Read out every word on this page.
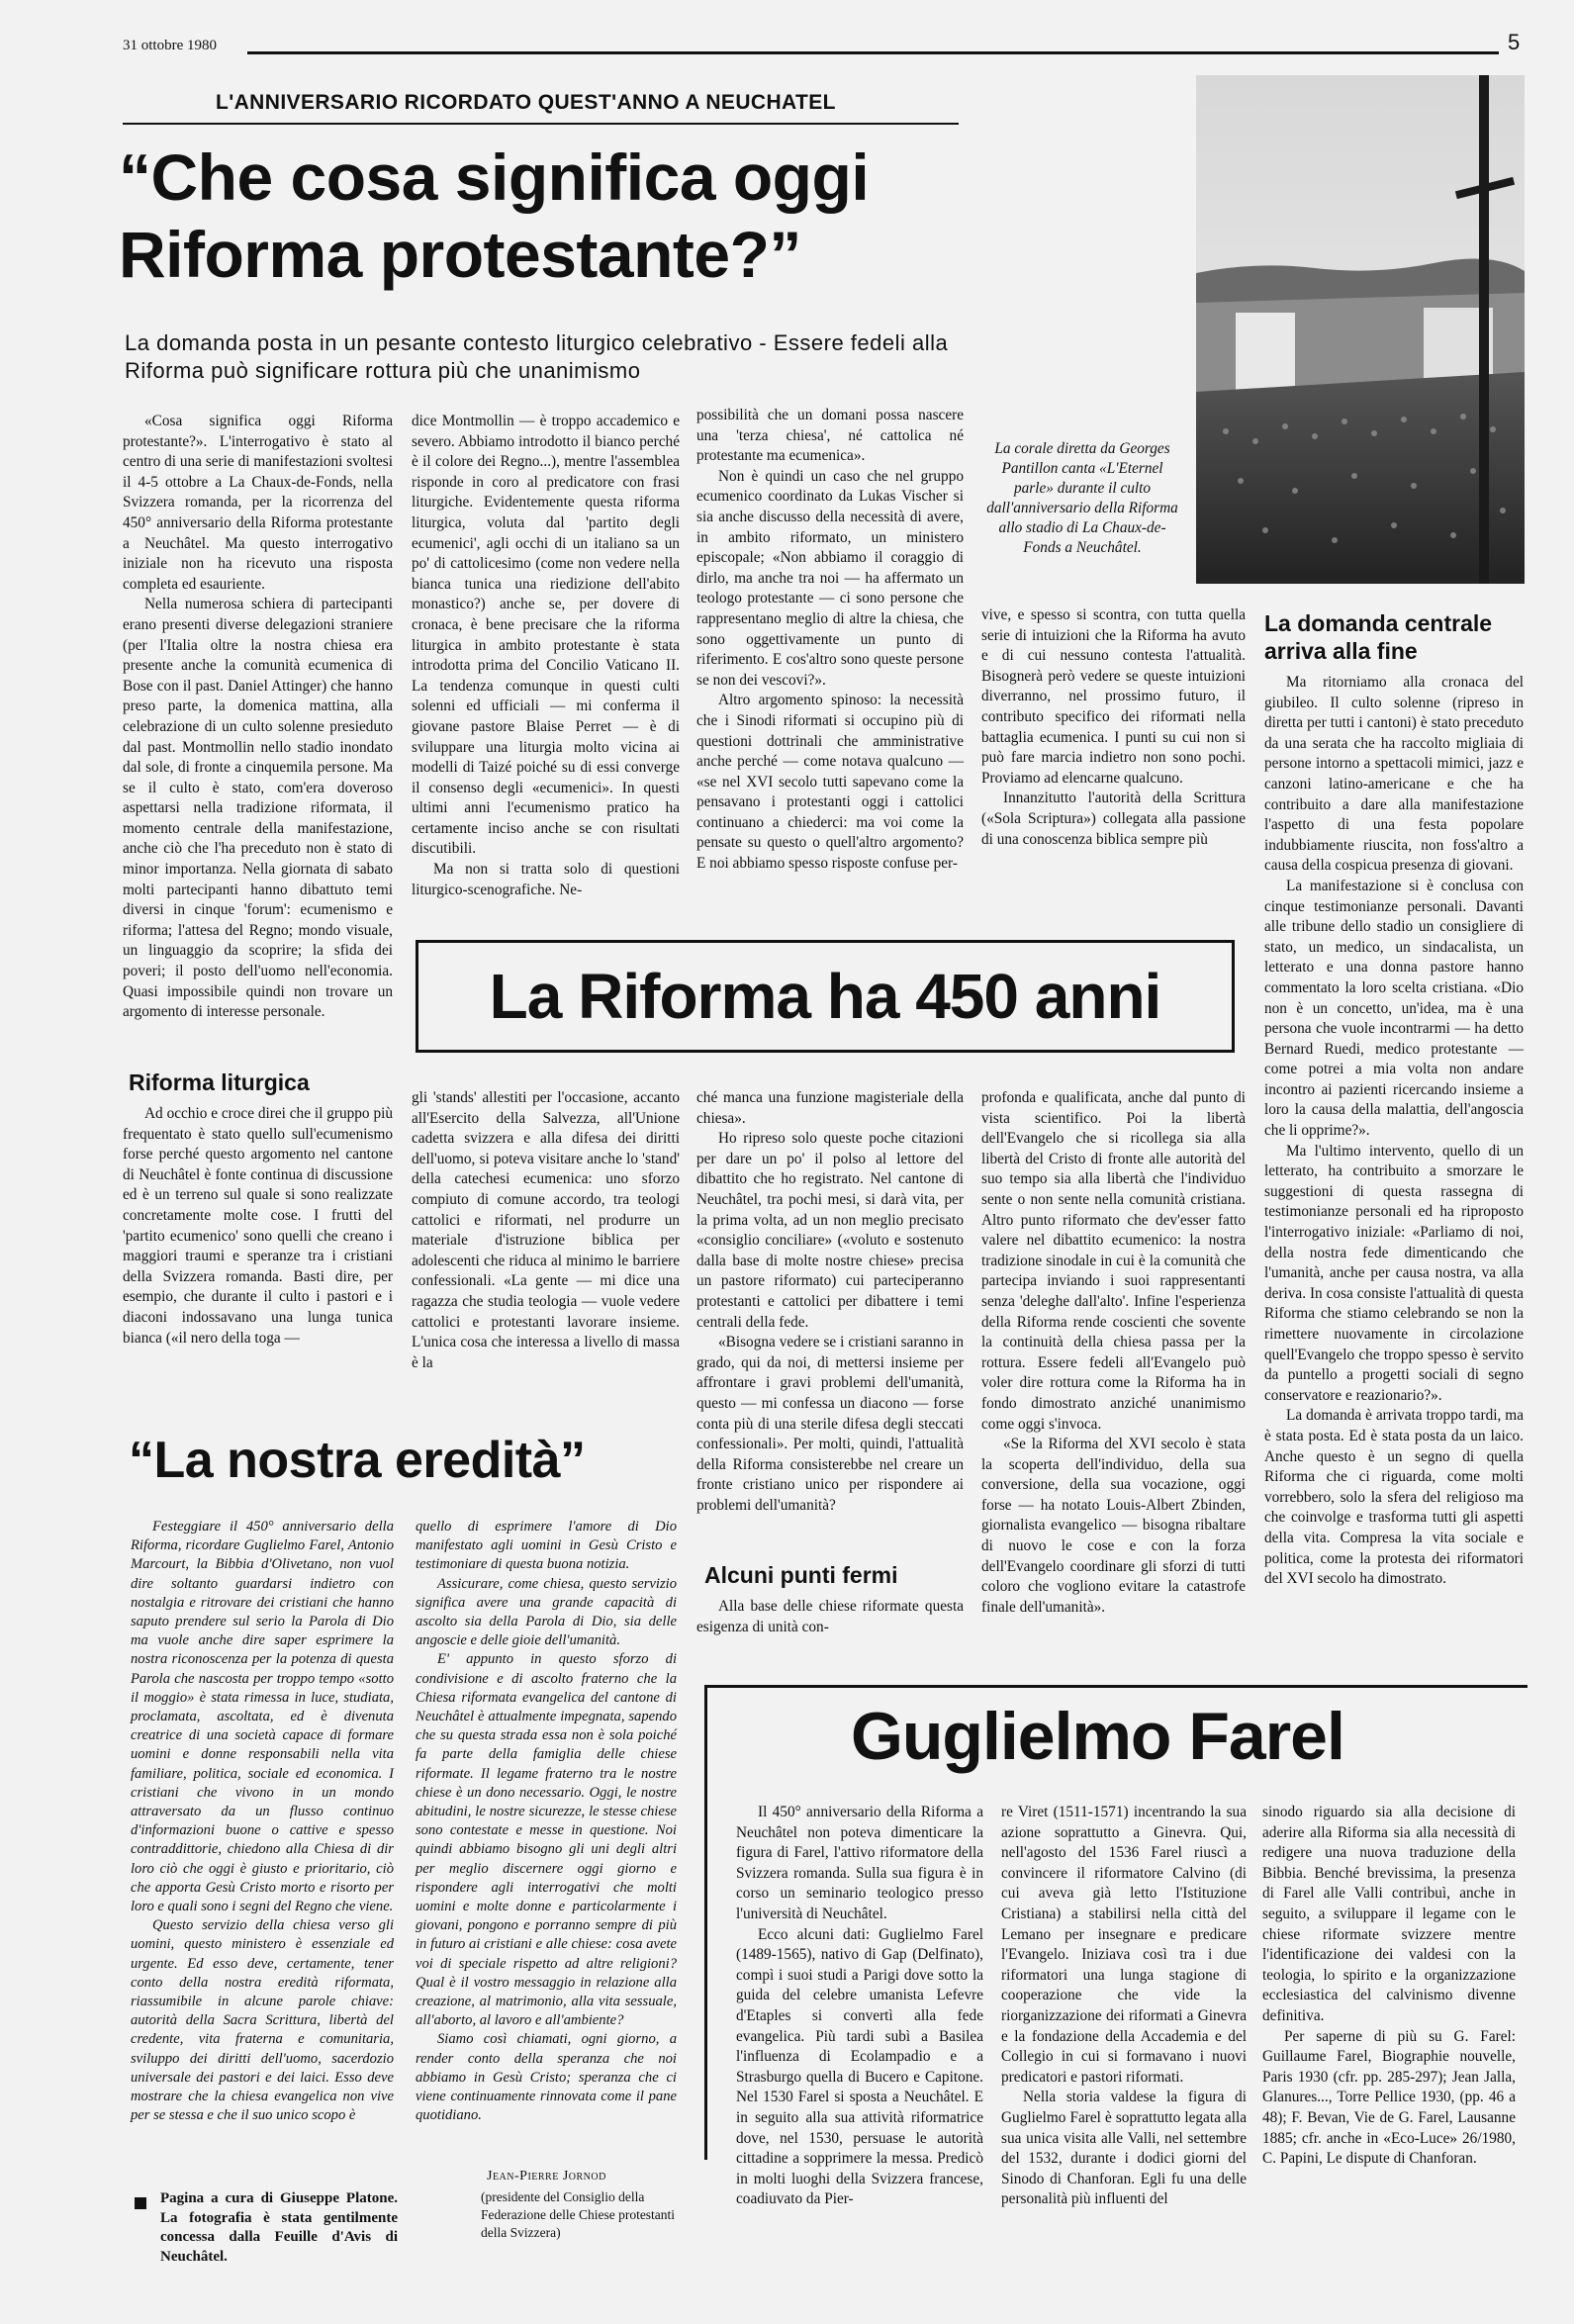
31 ottobre 1980	5
L'ANNIVERSARIO RICORDATO QUEST'ANNO A NEUCHATEL
“Che cosa significa oggi
Riforma protestante?”
La domanda posta in un pesante contesto liturgico celebrativo - Essere fedeli alla Riforma può significare rottura più che unanimismo
La corale diretta da Georges Pantillon canta «L'Eternel parle» durante il culto dall'anniversario della Riforma allo stadio di La Chaux-de-Fonds a Neuchâtel.

«Cosa significa oggi Riforma protestante?». L'interrogativo è stato al centro di una serie di manifestazioni svoltesi il 4-5 ottobre a La Chaux-de-Fonds, nella Svizzera romanda, per la ricorrenza del 450° anniversario della Riforma protestante a Neuchâtel. Ma questo interrogativo iniziale non ha ricevuto una risposta completa ed esauriente.

Nella numerosa schiera di partecipanti erano presenti diverse delegazioni straniere (per l'Italia oltre la nostra chiesa era presente anche la comunità ecumenica di Bose con il past. Daniel Attinger) che hanno preso parte, la domenica mattina, alla celebrazione di un culto solenne presieduto dal past. Montmollin nello stadio inondato dal sole, di fronte a cinquemila persone. Ma se il culto è stato, com'era doveroso aspettarsi nella tradizione riformata, il momento centrale della manifestazione, anche ciò che l'ha preceduto non è stato di minor importanza. Nella giornata di sabato molti partecipanti hanno dibattuto temi diversi in cinque 'forum': ecumenismo e riforma; l'attesa del Regno; mondo visuale, un linguaggio da scoprire; la sfida dei poveri; il posto dell'uomo nell'economia. Quasi impossibile quindi non trovare un argomento di interesse personale.

dice Montmollin — è troppo accademico e severo. Abbiamo introdotto il bianco perché è il colore dei Regno...), mentre l'assemblea risponde in coro al predicatore con frasi liturgiche. Evidentemente questa riforma liturgica, voluta dal 'partito degli ecumenici', agli occhi di un italiano sa un po' di cattolicesimo (come non vedere nella bianca tunica una riedizione dell'abito monastico?) anche se, per dovere di cronaca, è bene precisare che la riforma liturgica in ambito protestante è stata introdotta prima del Concilio Vaticano II. La tendenza comunque in questi culti solenni ed ufficiali — mi conferma il giovane pastore Blaise Perret — è di sviluppare una liturgia molto vicina ai modelli di Taizé poiché su di essi converge il consenso degli «ecumenici». In questi ultimi anni l'ecumenismo pratico ha certamente inciso anche se con risultati discutibili.

Ma non si tratta solo di questioni liturgico-scenografiche. Ne-

possibilità che un domani possa nascere una 'terza chiesa', né cattolica né protestante ma ecumenica».

Non è quindi un caso che nel gruppo ecumenico coordinato da Lukas Vischer si sia anche discusso della necessità di avere, in ambito riformato, un ministero episcopale; «Non abbiamo il coraggio di dirlo, ma anche tra noi — ha affermato un teologo protestante — ci sono persone che rappresentano meglio di altre la chiesa, che sono oggettivamente un punto di riferimento. E cos'altro sono queste persone se non dei vescovi?».

Altro argomento spinoso: la necessità che i Sinodi riformati si occupino più di questioni dottrinali che amministrative anche perché — come notava qualcuno — «se nel XVI secolo tutti sapevano come la pensavano i protestanti oggi i cattolici continuano a chiederci: ma voi come la pensate su questo o quell'altro argomento? E noi abbiamo spesso risposte confuse per-

vive, e spesso si scontra, con tutta quella serie di intuizioni che la Riforma ha avuto e di cui nessuno contesta l'attualità. Bisognerà però vedere se queste intuizioni diverranno, nel prossimo futuro, il contributo specifico dei riformati nella battaglia ecumenica. I punti su cui non si può fare marcia indietro non sono pochi. Proviamo ad elencarne qualcuno.

Innanzitutto l'autorità della Scrittura («Sola Scriptura») collegata alla passione di una conoscenza biblica sempre più

La domanda centrale arriva alla fine

Ma ritorniamo alla cronaca del giubileo. Il culto solenne (ripreso in diretta per tutti i cantoni) è stato preceduto da una serata che ha raccolto migliaia di persone intorno a spettacoli mimici, jazz e canzoni latino-americane e che ha contribuito a dare alla manifestazione l'aspetto di una festa popolare indubbiamente riuscita, non foss'altro a causa della cospicua presenza di giovani.

La manifestazione si è conclusa con cinque testimonianze personali. Davanti alle tribune dello stadio un consigliere di stato, un medico, un sindacalista, un letterato e una donna pastore hanno commentato la loro scelta cristiana. «Dio non è un concetto, un'idea, ma è una persona che vuole incontrarmi — ha detto Bernard Ruedi, medico protestante — come potrei a mia volta non andare incontro ai pazienti ricercando insieme a loro la causa della malattia, dell'angoscia che li opprime?».

Ma l'ultimo intervento, quello di un letterato, ha contribuito a smorzare le suggestioni di questa rassegna di testimonianze personali ed ha riproposto l'interrogativo iniziale: «Parliamo di noi, della nostra fede dimenticando che l'umanità, anche per causa nostra, va alla deriva. In cosa consiste l'attualità di questa Riforma che stiamo celebrando se non la rimettere nuovamente in circolazione quell'Evangelo che troppo spesso è servito da puntello a progetti sociali di segno conservatore e reazionario?».

La domanda è arrivata troppo tardi, ma è stata posta. Ed è stata posta da un laico. Anche questo è un segno di quella Riforma che ci riguarda, come molti vorrebbero, solo la sfera del religioso ma che coinvolge e trasforma tutti gli aspetti della vita. Compresa la vita sociale e politica, come la protesta dei riformatori del XVI secolo ha dimostrato.

La Riforma ha 450 anni
Riforma liturgica

Ad occhio e croce direi che il gruppo più frequentato è stato quello sull'ecumenismo forse perché questo argomento nel cantone di Neuchâtel è fonte continua di discussione ed è un terreno sul quale si sono realizzate concretamente molte cose. I frutti del 'partito ecumenico' sono quelli che creano i maggiori traumi e speranze tra i cristiani della Svizzera romanda. Basti dire, per esempio, che durante il culto i pastori e i diaconi indossavano una lunga tunica bianca («il nero della toga —

gli 'stands' allestiti per l'occasione, accanto all'Esercito della Salvezza, all'Unione cadetta svizzera e alla difesa dei diritti dell'uomo, si poteva visitare anche lo 'stand' della catechesi ecumenica: uno sforzo compiuto di comune accordo, tra teologi cattolici e riformati, nel produrre un materiale d'istruzione biblica per adolescenti che riduca al minimo le barriere confessionali. «La gente — mi dice una ragazza che studia teologia — vuole vedere cattolici e protestanti lavorare insieme. L'unica cosa che interessa a livello di massa è la

ché manca una funzione magisteriale della chiesa».

Ho ripreso solo queste poche citazioni per dare un po' il polso al lettore del dibattito che ho registrato. Nel cantone di Neuchâtel, tra pochi mesi, si darà vita, per la prima volta, ad un non meglio precisato «consiglio conciliare» («voluto e sostenuto dalla base di molte nostre chiese» precisa un pastore riformato) cui parteciperanno protestanti e cattolici per dibattere i temi centrali della fede.

«Bisogna vedere se i cristiani saranno in grado, qui da noi, di mettersi insieme per affrontare i gravi problemi dell'umanità, questo — mi confessa un diacono — forse conta più di una sterile difesa degli steccati confessionali». Per molti, quindi, l'attualità della Riforma consisterebbe nel creare un fronte cristiano unico per rispondere ai problemi dell'umanità?

Alcuni punti fermi

Alla base delle chiese riformate questa esigenza di unità con-

profonda e qualificata, anche dal punto di vista scientifico. Poi la libertà dell'Evangelo che si ricollega sia alla libertà del Cristo di fronte alle autorità del suo tempo sia alla libertà che l'individuo sente o non sente nella comunità cristiana. Altro punto riformato che dev'esser fatto valere nel dibattito ecumenico: la nostra tradizione sinodale in cui è la comunità che partecipa inviando i suoi rappresentanti senza 'deleghe dall'alto'. Infine l'esperienza della Riforma rende coscienti che sovente la continuità della chiesa passa per la rottura. Essere fedeli all'Evangelo può voler dire rottura come la Riforma ha in fondo dimostrato anziché unanimismo come oggi s'invoca.

«Se la Riforma del XVI secolo è stata la scoperta dell'individuo, della sua conversione, della sua vocazione, oggi forse — ha notato Louis-Albert Zbinden, giornalista evangelico — bisogna ribaltare di nuovo le cose e con la forza dell'Evangelo coordinare gli sforzi di tutti coloro che vogliono evitare la catastrofe finale dell'umanità».

“La nostra eredità”

Festeggiare il 450° anniversario della Riforma, ricordare Guglielmo Farel, Antonio Marcourt, la Bibbia d'Olivetano, non vuol dire soltanto guardarsi indietro con nostalgia e ritrovare dei cristiani che hanno saputo prendere sul serio la Parola di Dio ma vuole anche dire saper esprimere la nostra riconoscenza per la potenza di questa Parola che nascosta per troppo tempo «sotto il moggio» è stata rimessa in luce, studiata, proclamata, ascoltata, ed è divenuta creatrice di una società capace di formare uomini e donne responsabili nella vita familiare, politica, sociale ed economica. I cristiani che vivono in un mondo attraversato da un flusso continuo d'informazioni buone o cattive e spesso contraddittorie, chiedono alla Chiesa di dir loro ciò che oggi è giusto e prioritario, ciò che apporta Gesù Cristo morto e risorto per loro e quali sono i segni del Regno che viene.

Questo servizio della chiesa verso gli uomini, questo ministero è essenziale ed urgente. Ed esso deve, certamente, tener conto della nostra eredità riformata, riassumibile in alcune parole chiave: autorità della Sacra Scrittura, libertà del credente, vita fraterna e comunitaria, sviluppo dei diritti dell'uomo, sacerdozio universale dei pastori e dei laici. Esso deve mostrare che la chiesa evangelica non vive per se stessa e che il suo unico scopo è

quello di esprimere l'amore di Dio manifestato agli uomini in Gesù Cristo e testimoniare di questa buona notizia.

Assicurare, come chiesa, questo servizio significa avere una grande capacità di ascolto sia della Parola di Dio, sia delle angoscie e delle gioie dell'umanità.

E' appunto in questo sforzo di condivisione e di ascolto fraterno che la Chiesa riformata evangelica del cantone di Neuchâtel è attualmente impegnata, sapendo che su questa strada essa non è sola poiché fa parte della famiglia delle chiese riformate. Il legame fraterno tra le nostre chiese è un dono necessario. Oggi, le nostre abitudini, le nostre sicurezze, le stesse chiese sono contestate e messe in questione. Noi quindi abbiamo bisogno gli uni degli altri per meglio discernere oggi giorno e rispondere agli interrogativi che molti uomini e molte donne e particolarmente i giovani, pongono e porranno sempre di più in futuro ai cristiani e alle chiese: cosa avete voi di speciale rispetto ad altre religioni? Qual è il vostro messaggio in relazione alla creazione, al matrimonio, alla vita sessuale, all'aborto, al lavoro e all'ambiente?

Siamo così chiamati, ogni giorno, a render conto della speranza che noi abbiamo in Gesù Cristo; speranza che ci viene continuamente rinnovata come il pane quotidiano.

Jean-Pierre Jornod
(presidente del Consiglio della Federazione delle Chiese protestanti della Svizzera)
Pagina a cura di Giuseppe Platone. La fotografia è stata gentilmente concessa dalla Feuille d'Avis di Neuchâtel.
Guglielmo Farel

Il 450° anniversario della Riforma a Neuchâtel non poteva dimenticare la figura di Farel, l'attivo riformatore della Svizzera romanda. Sulla sua figura è in corso un seminario teologico presso l'università di Neuchâtel.

Ecco alcuni dati: Guglielmo Farel (1489-1565), nativo di Gap (Delfinato), compì i suoi studi a Parigi dove sotto la guida del celebre umanista Lefevre d'Etaples si convertì alla fede evangelica. Più tardi subì a Basilea l'influenza di Ecolampadio e a Strasburgo quella di Bucero e Capitone. Nel 1530 Farel si sposta a Neuchâtel. E in seguito alla sua attività riformatrice dove, nel 1530, persuase le autorità cittadine a sopprimere la messa. Predicò in molti luoghi della Svizzera francese, coadiuvato da Pier-

re Viret (1511-1571) incentrando la sua azione soprattutto a Ginevra. Qui, nell'agosto del 1536 Farel riuscì a convincere il riformatore Calvino (di cui aveva già letto l'Istituzione Cristiana) a stabilirsi nella città del Lemano per insegnare e predicare l'Evangelo. Iniziava così tra i due riformatori una lunga stagione di cooperazione che vide la riorganizzazione dei riformati a Ginevra e la fondazione della Accademia e del Collegio in cui si formavano i nuovi predicatori e pastori riformati.

Nella storia valdese la figura di Guglielmo Farel è soprattutto legata alla sua unica visita alle Valli, nel settembre del 1532, durante i dodici giorni del Sinodo di Chanforan. Egli fu una delle personalità più influenti del

sinodo riguardo sia alla decisione di aderire alla Riforma sia alla necessità di redigere una nuova traduzione della Bibbia. Benché brevissima, la presenza di Farel alle Valli contribuì, anche in seguito, a sviluppare il legame con le chiese riformate svizzere mentre l'identificazione dei valdesi con la teologia, lo spirito e la organizzazione ecclesiastica del calvinismo divenne definitiva.

Per saperne di più su G. Farel: Guillaume Farel, Biographie nouvelle, Paris 1930 (cfr. pp. 285-297); Jean Jalla, Glanures..., Torre Pellice 1930, (pp. 46 a 48); F. Bevan, Vie de G. Farel, Lausanne 1885; cfr. anche in «Eco-Luce» 26/1980, C. Papini, Le dispute di Chanforan.
